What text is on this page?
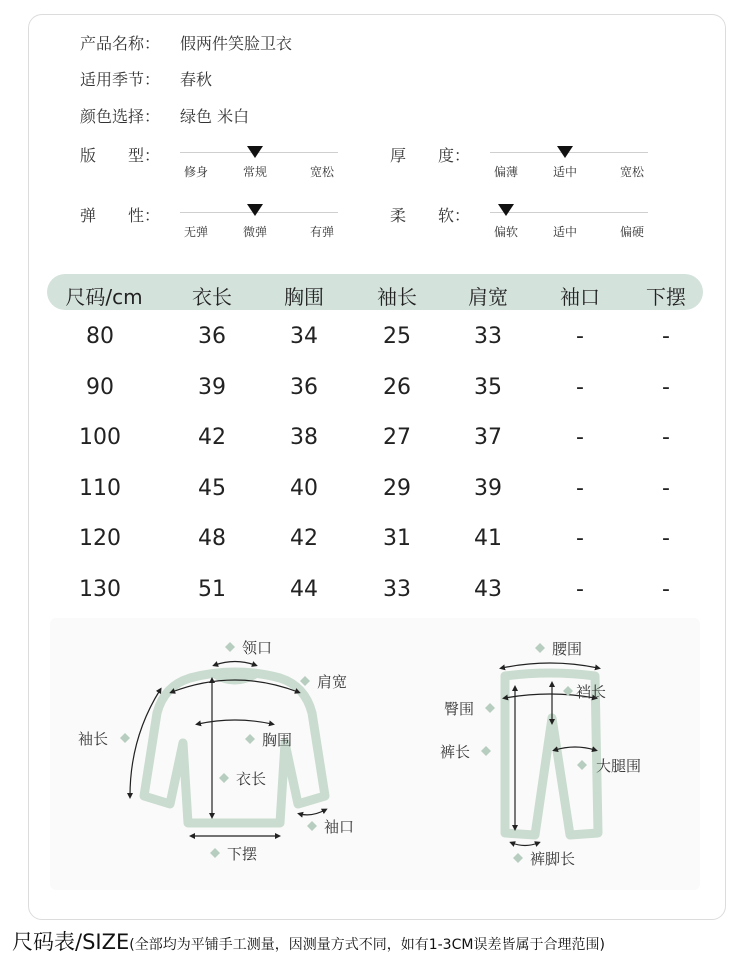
产品名称： 假两件笑脸卫衣
适用季节： 春秋
颜色选择： 绿色 米白
版　　型：	厚　　度：
弹　　性：	柔　　软：
修身	常规	宽松	偏薄	适中	宽松
无弹	微弹	有弹	偏软	适中	偏硬
尺码/cm 衣长	胸围	袖长	肩宽	袖口 下摆
80	36	34	25	33	-	-
90	39	36	26	35	-	-
100	42	38	27	37	-	-
110	45	40	29	39	-	-
120	48	42	31	41	-	-
130	51	44	33	43	-	-
领口
肩宽
袖长	胸围
衣长
袖口
下摆
腰围
裆长
臀围
裤长
大腿围
裤脚长
尺码表/SIZE(全部均为平铺手工测量，因测量方式不同，如有1-3CM误差皆属于合理范围)
